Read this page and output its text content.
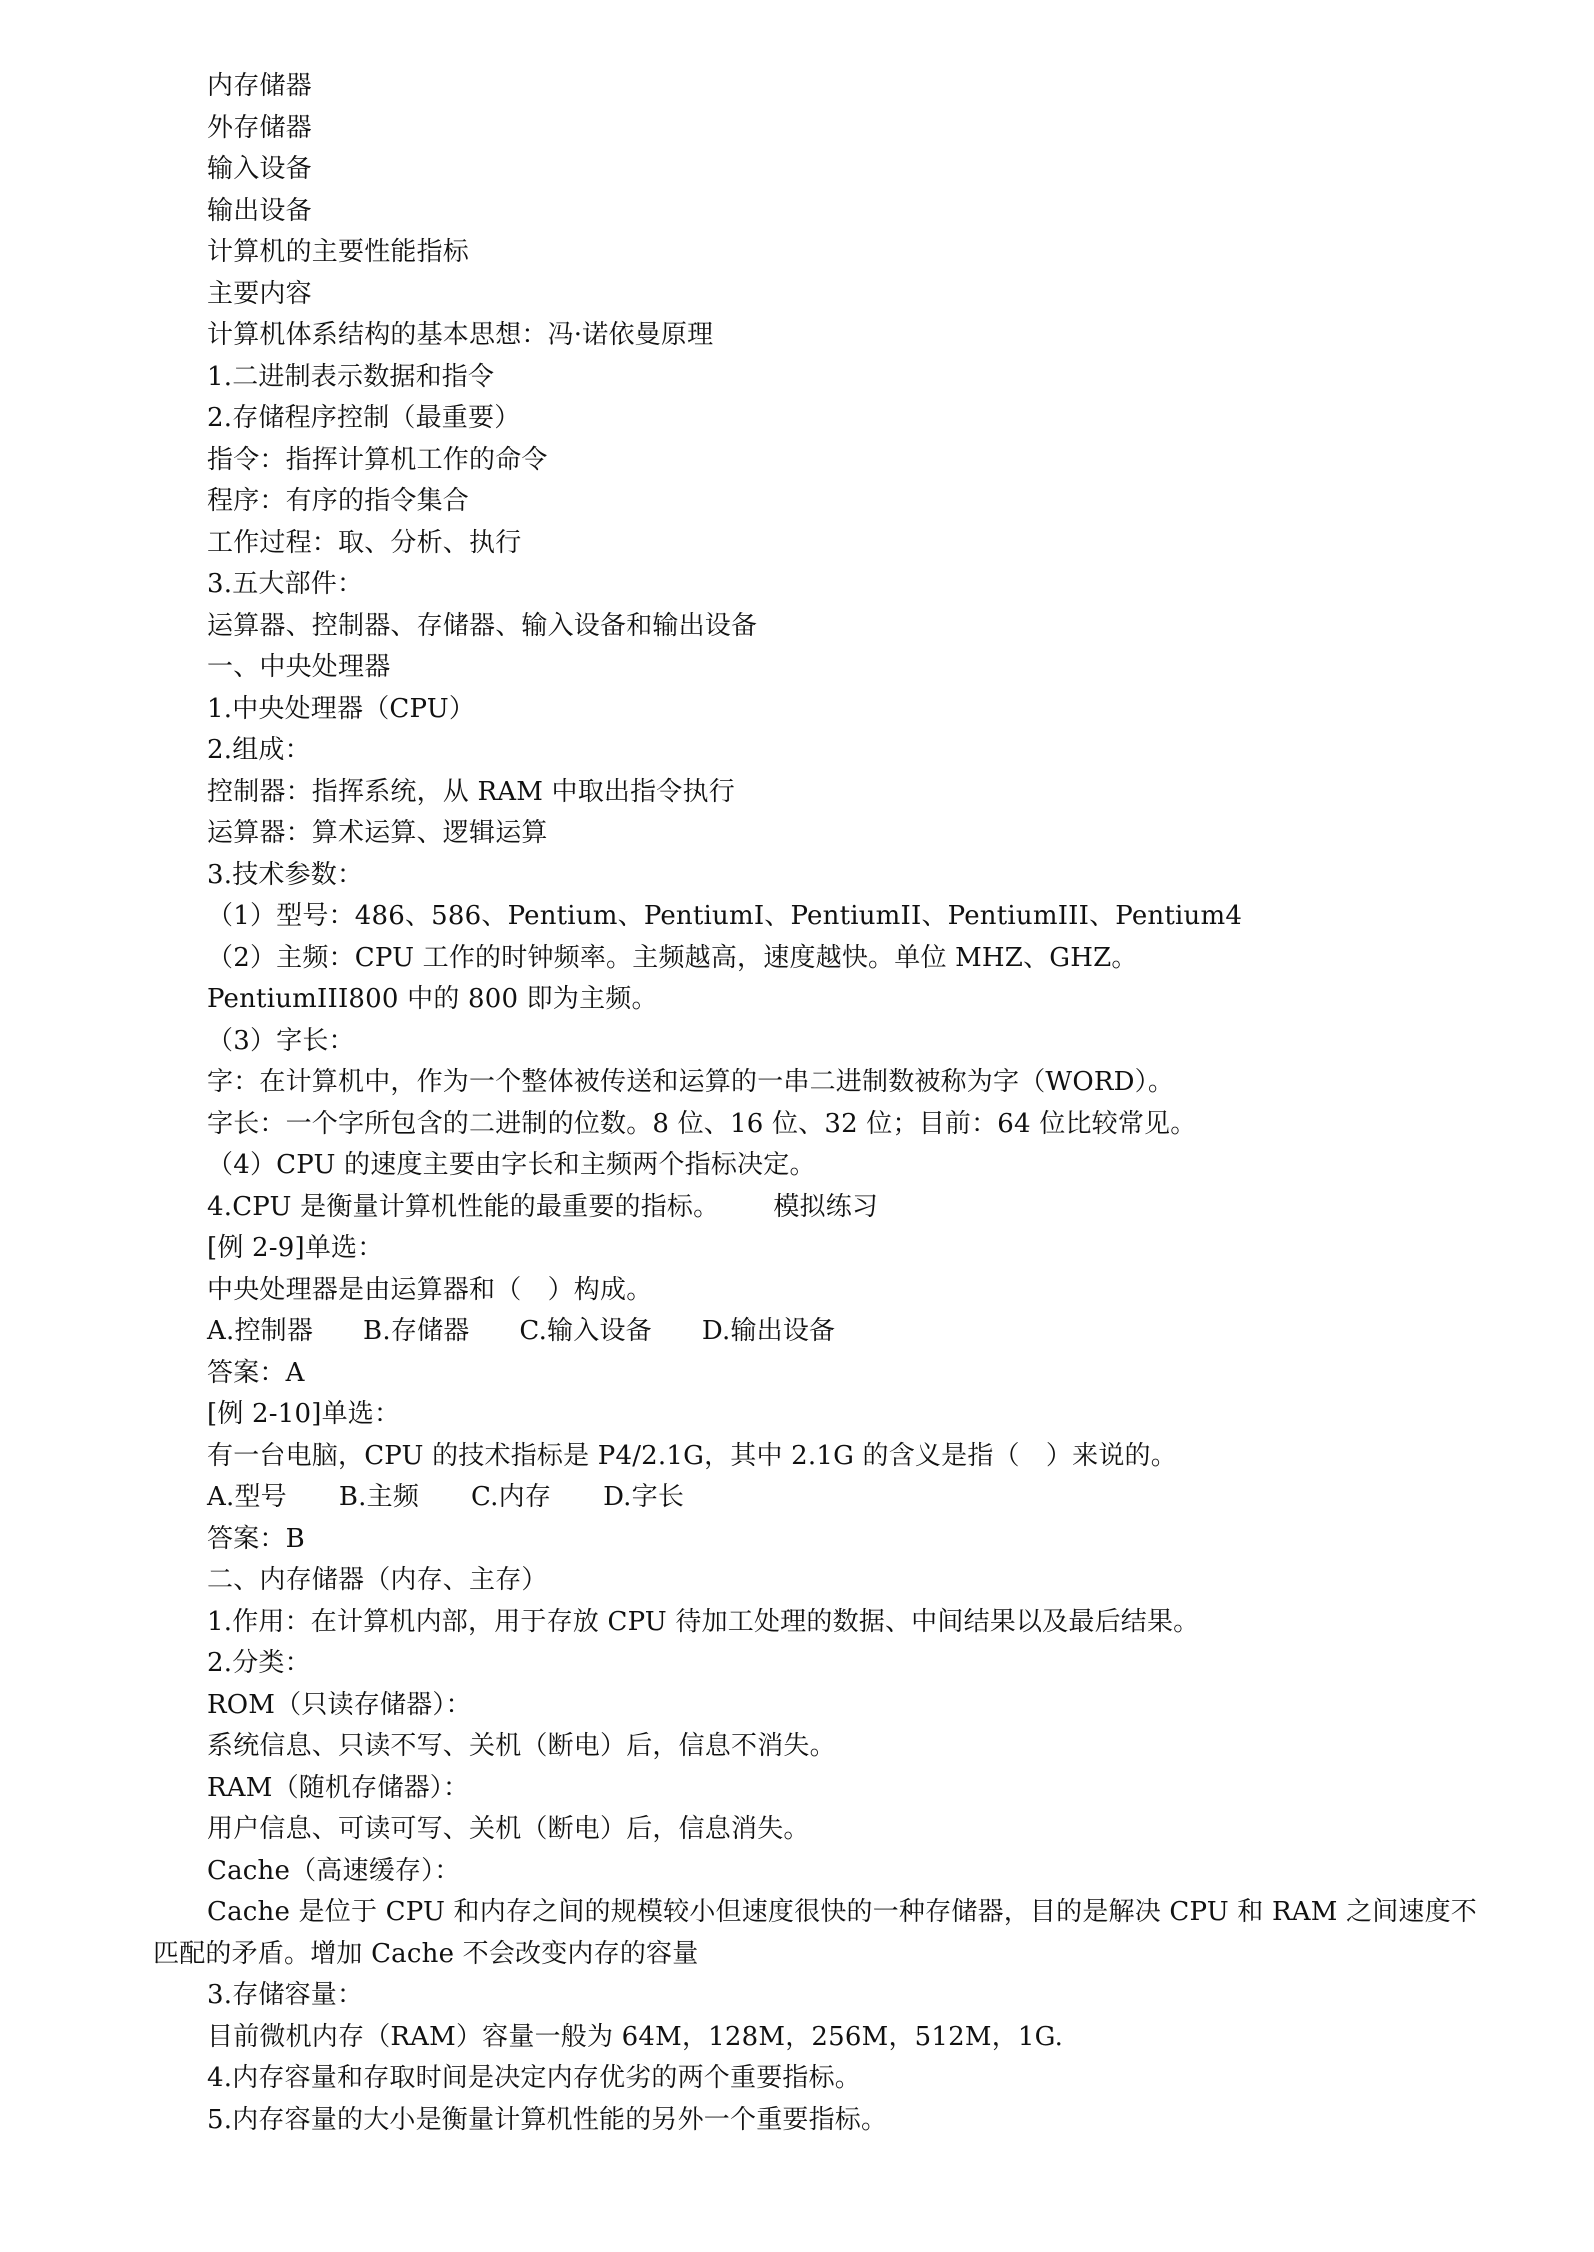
内存储器
外存储器
输入设备
输出设备
计算机的主要性能指标
主要内容
计算机体系结构的基本思想：冯·诺依曼原理
1.二进制表示数据和指令
2.存储程序控制（最重要）
指令：指挥计算机工作的命令
程序：有序的指令集合
工作过程：取、分析、执行
3.五大部件：
运算器、控制器、存储器、输入设备和输出设备
一、中央处理器
1.中央处理器（CPU）
2.组成：
控制器：指挥系统，从 RAM 中取出指令执行
运算器：算术运算、逻辑运算
3.技术参数：
（1）型号：486、586、Pentium、PentiumI、PentiumII、PentiumIII、Pentium4
（2）主频：CPU 工作的时钟频率。主频越高，速度越快。单位 MHZ、GHZ。
PentiumIII800 中的 800 即为主频。
（3）字长：
字：在计算机中，作为一个整体被传送和运算的一串二进制数被称为字（WORD）。
字长：一个字所包含的二进制的位数。8 位、16 位、32 位；目前：64 位比较常见。
（4）CPU 的速度主要由字长和主频两个指标决定。
4.CPU 是衡量计算机性能的最重要的指标。 模拟练习
[例 2-9]单选：
中央处理器是由运算器和（　）构成。
A.控制器 B.存储器 C.输入设备 D.输出设备
答案：A
[例 2-10]单选：
有一台电脑，CPU 的技术指标是 P4/2.1G，其中 2.1G 的含义是指（　）来说的。
A.型号 B.主频 C.内存 D.字长
答案：B
二、内存储器（内存、主存）
1.作用：在计算机内部，用于存放 CPU 待加工处理的数据、中间结果以及最后结果。
2.分类：
ROM（只读存储器）：
系统信息、只读不写、关机（断电）后，信息不消失。
RAM（随机存储器）：
用户信息、可读可写、关机（断电）后，信息消失。
Cache（高速缓存）：
Cache 是位于 CPU 和内存之间的规模较小但速度很快的一种存储器，目的是解决 CPU 和 RAM 之间速度不
匹配的矛盾。增加 Cache 不会改变内存的容量
3.存储容量：
目前微机内存（RAM）容量一般为 64M，128M，256M，512M，1G.
4.内存容量和存取时间是决定内存优劣的两个重要指标。
5.内存容量的大小是衡量计算机性能的另外一个重要指标。
